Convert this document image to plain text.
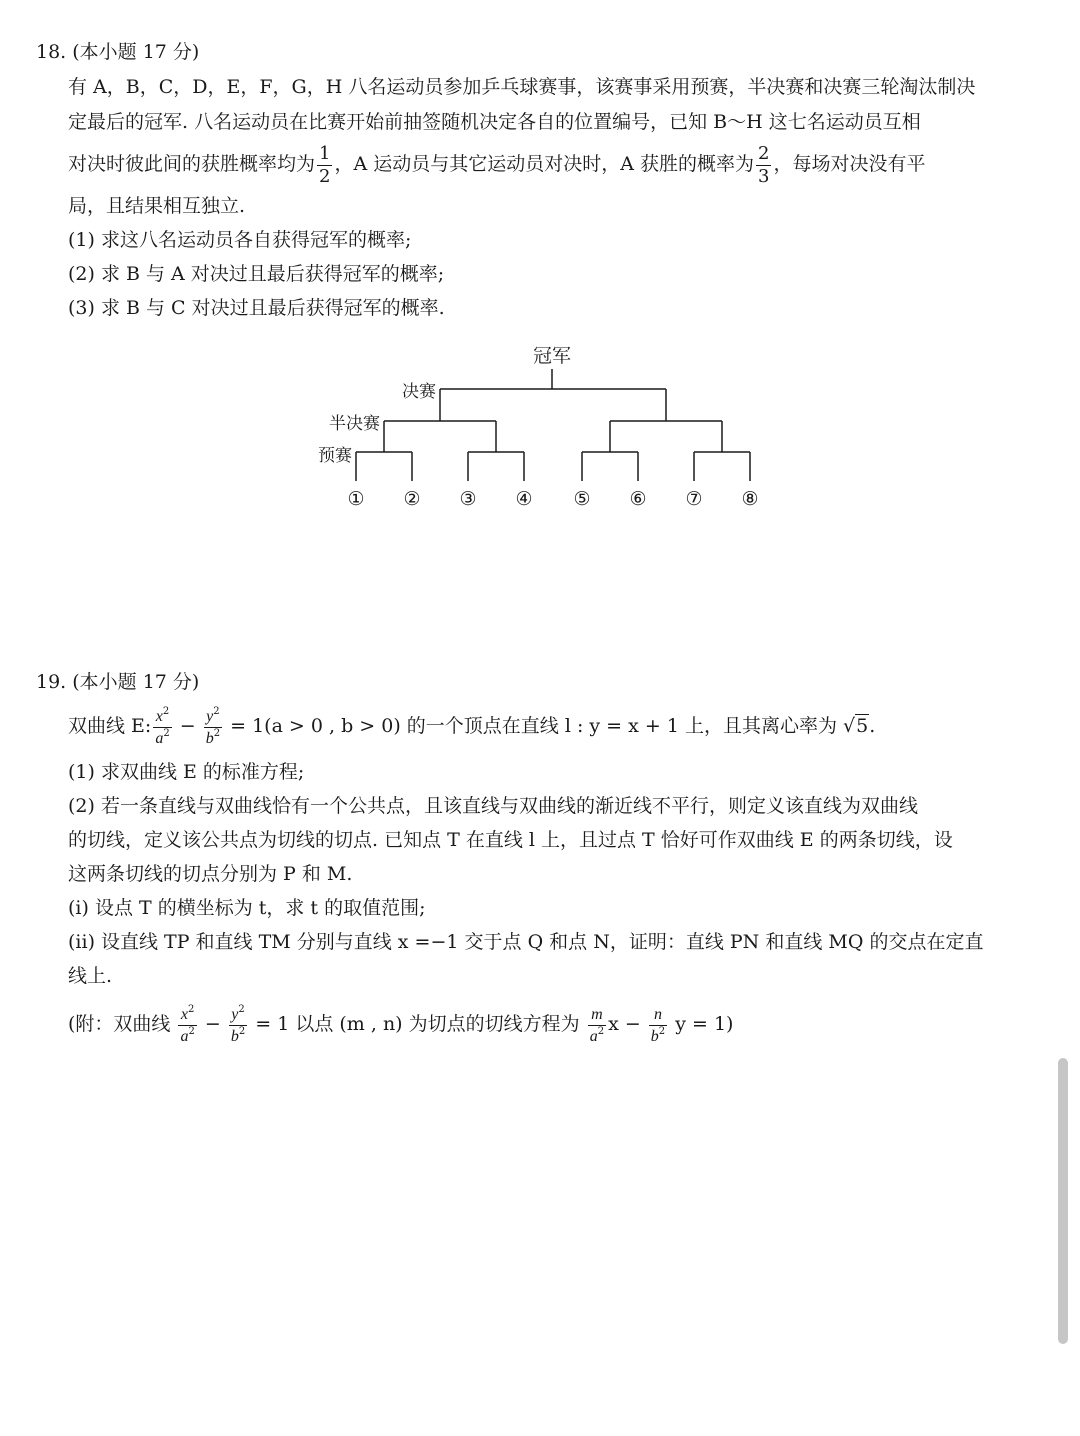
18. (本小题 17 分)
有 A，B，C，D，E，F，G，H 八名运动员参加乒乓球赛事，该赛事采用预赛，半决赛和决赛三轮淘汰制决
定最后的冠军. 八名运动员在比赛开始前抽签随机决定各自的位置编号，已知 B～H 这七名运动员互相
对决时彼此间的获胜概率均为 $\frac{1}{2}$ ，A 运动员与其它运动员对决时，A 获胜的概率为 $\frac{2}{3}$ ，每场对决没有平
局，且结果相互独立.
(1) 求这八名运动员各自获得冠军的概率;
(2) 求 B 与 A 对决过且最后获得冠军的概率;
(3) 求 B 与 C 对决过且最后获得冠军的概率.
冠军
决赛
半决赛
预赛
① ② ③ ④ ⑤ ⑥ ⑦ ⑧
19. (本小题 17 分)
双曲线 E: $\frac{x^2}{a^2} - \frac{y^2}{b^2} = 1(a > 0$ , b > 0) 的一个顶点在直线 l : y = x + 1 上，且其离心率为 √5.
(1) 求双曲线 E 的标准方程;
(2) 若一条直线与双曲线恰有一个公共点，且该直线与双曲线的渐近线不平行，则定义该直线为双曲线
的切线，定义该公共点为切线的切点. 已知点 T 在直线 l 上，且过点 T 恰好可作双曲线 E 的两条切线，设
这两条切线的切点分别为 P 和 M.
(i) 设点 T 的横坐标为 t，求 t 的取值范围;
(ii) 设直线 TP 和直线 TM 分别与直线 x =−1 交于点 Q 和点 N，证明：直线 PN 和直线 MQ 的交点在定直
线上.
(附：双曲线 $\frac{x^2}{a^2} - \frac{y^2}{b^2} = 1$ 以点 (m , n) 为切点的切线方程为 $\frac{m}{a^2}$ $x - \frac{n}{b^2}$ y = 1)
